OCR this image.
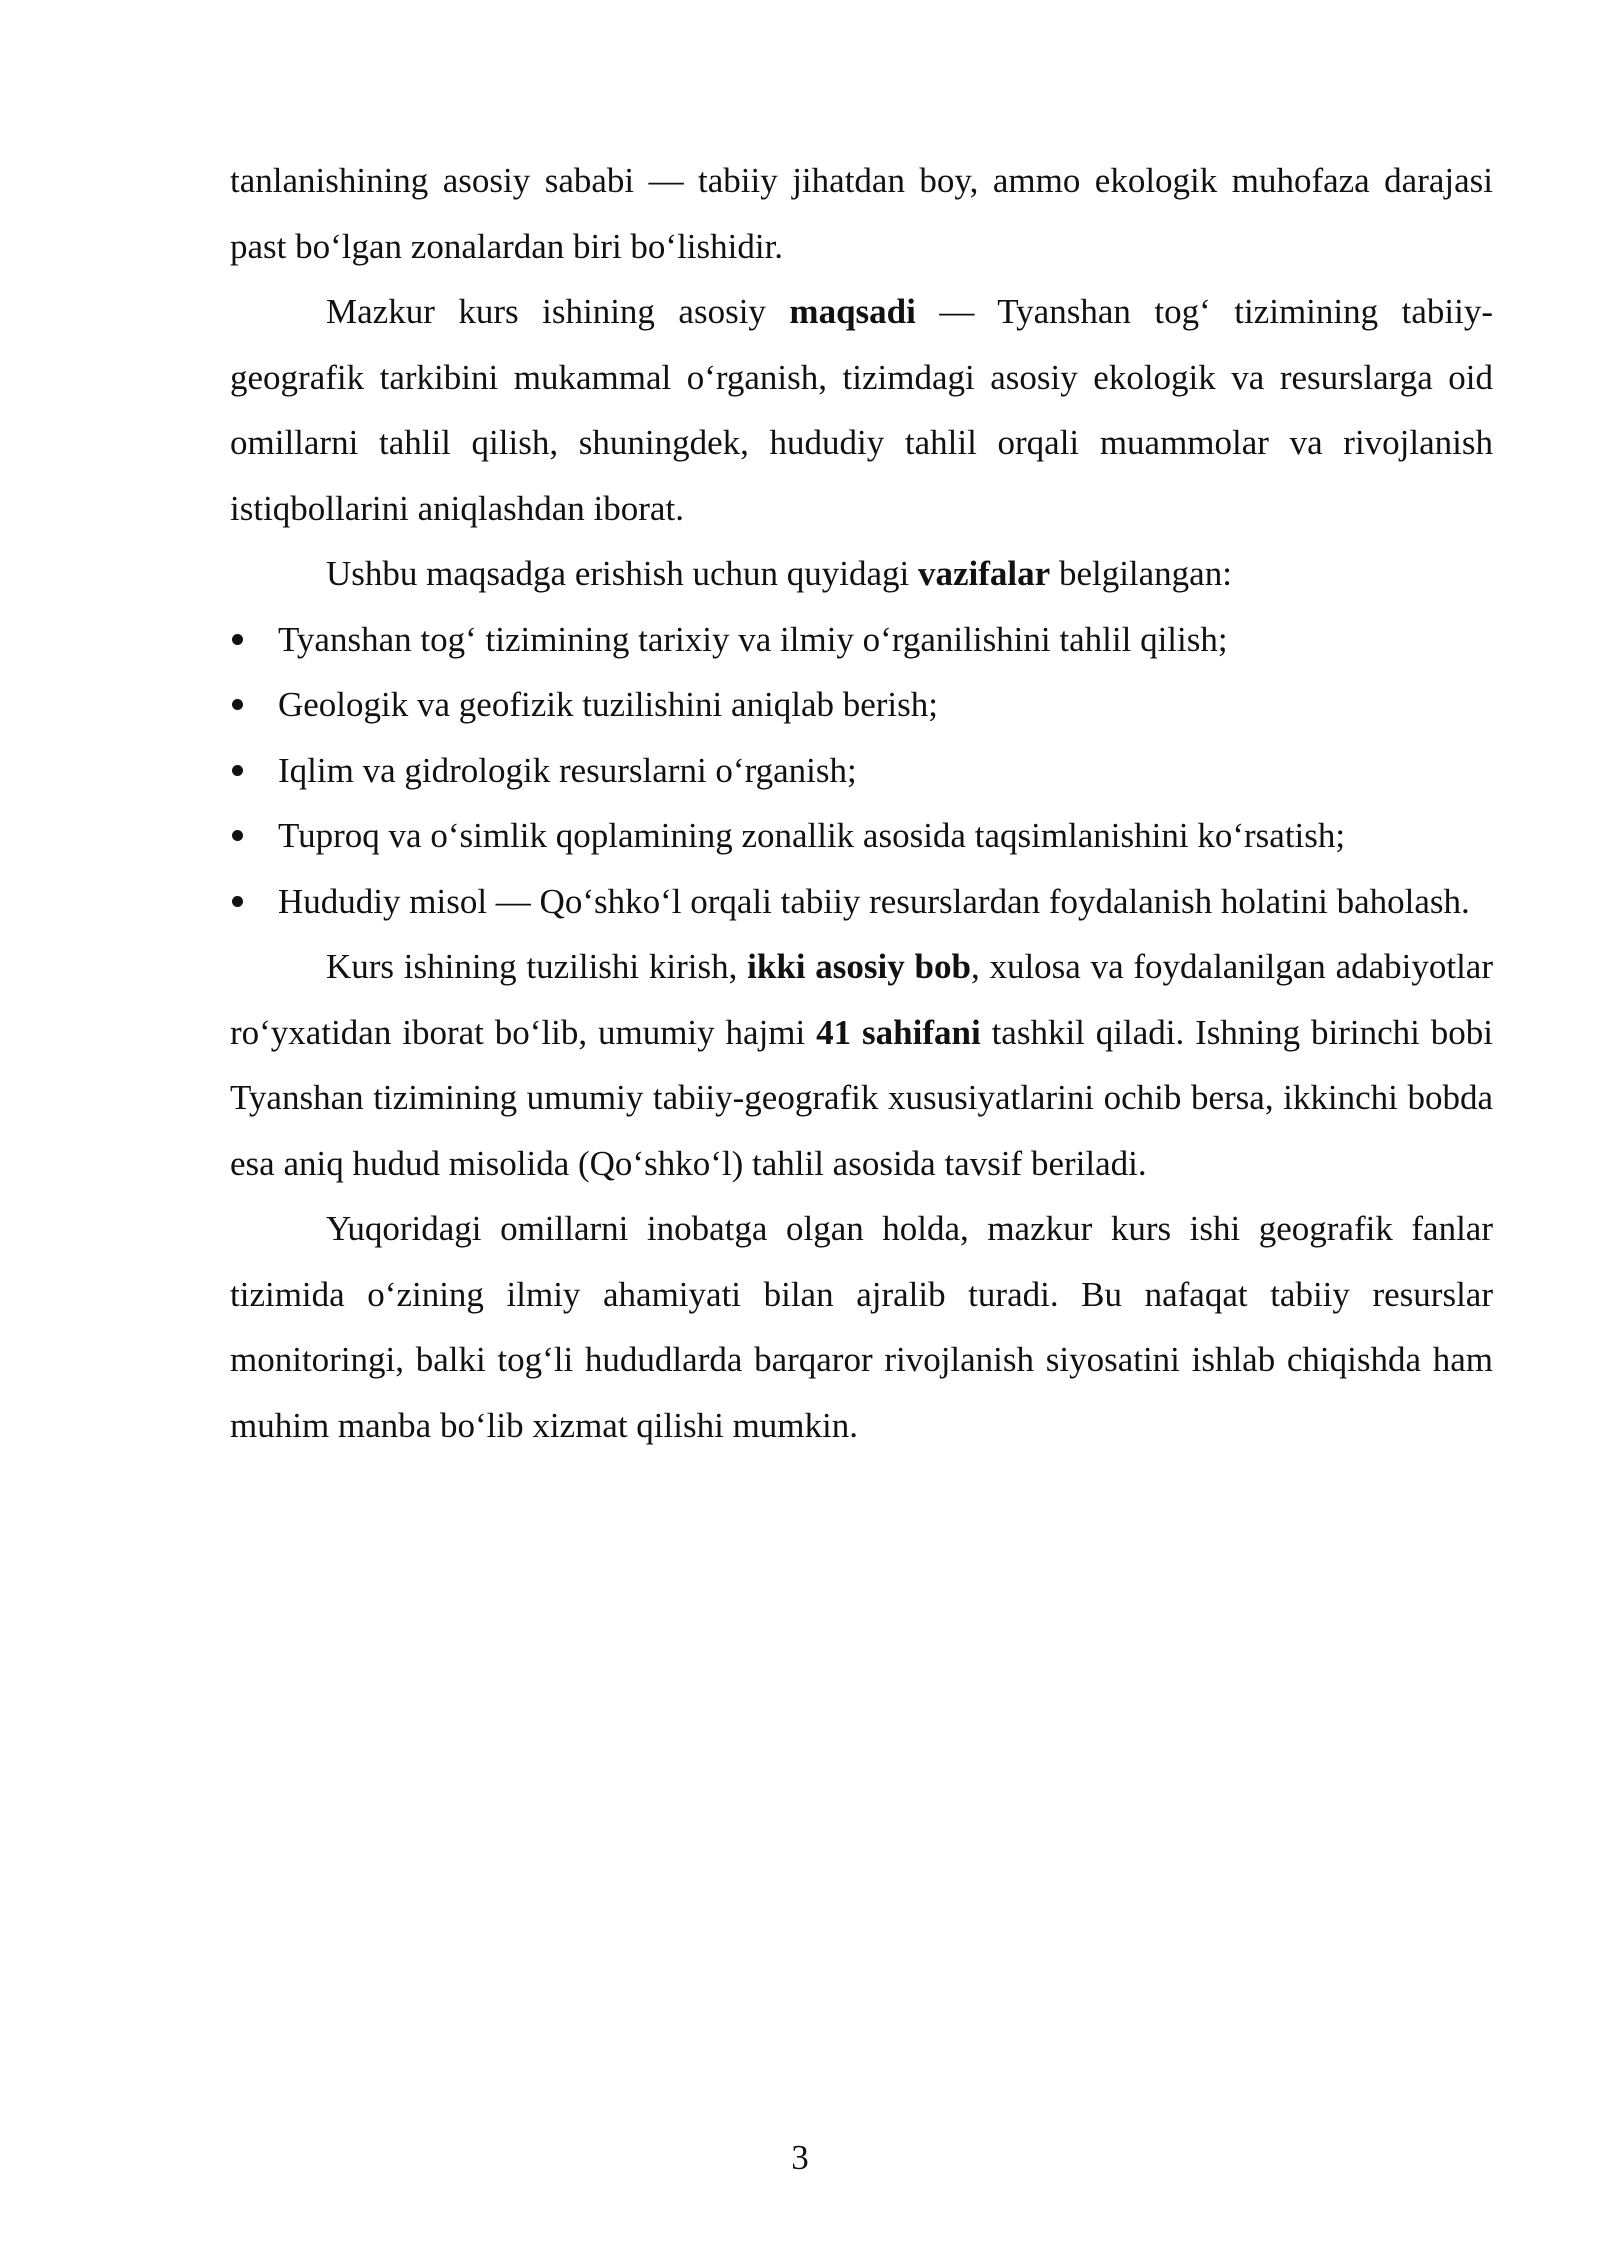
tanlanishining asosiy sababi — tabiiy jihatdan boy, ammo ekologik muhofaza darajasi past bo‘lgan zonalardan biri bo‘lishidir.

Mazkur kurs ishining asosiy maqsadi — Tyanshan tog‘ tizimining tabiiy-geografik tarkibini mukammal o‘rganish, tizimdagi asosiy ekologik va resurslarga oid omillarni tahlil qilish, shuningdek, hududiy tahlil orqali muammolar va rivojlanish istiqbollarini aniqlashdan iborat.

Ushbu maqsadga erishish uchun quyidagi vazifalar belgilangan:

Tyanshan tog‘ tizimining tarixiy va ilmiy o‘rganilishini tahlil qilish;
Geologik va geofizik tuzilishini aniqlab berish;
Iqlim va gidrologik resurslarni o‘rganish;
Tuproq va o‘simlik qoplamining zonallik asosida taqsimlanishini ko‘rsatish;
Hududiy misol — Qo‘shko‘l orqali tabiiy resurslardan foydalanish holatini baholash.

Kurs ishining tuzilishi kirish, ikki asosiy bob, xulosa va foydalanilgan adabiyotlar ro‘yxatidan iborat bo‘lib, umumiy hajmi 41 sahifani tashkil qiladi. Ishning birinchi bobi Tyanshan tizimining umumiy tabiiy-geografik xususiyatlarini ochib bersa, ikkinchi bobda esa aniq hudud misolida (Qo‘shko‘l) tahlil asosida tavsif beriladi.

Yuqoridagi omillarni inobatga olgan holda, mazkur kurs ishi geografik fanlar tizimida o‘zining ilmiy ahamiyati bilan ajralib turadi. Bu nafaqat tabiiy resurslar monitoringi, balki tog‘li hududlarda barqaror rivojlanish siyosatini ishlab chiqishda ham muhim manba bo‘lib xizmat qilishi mumkin.

3
